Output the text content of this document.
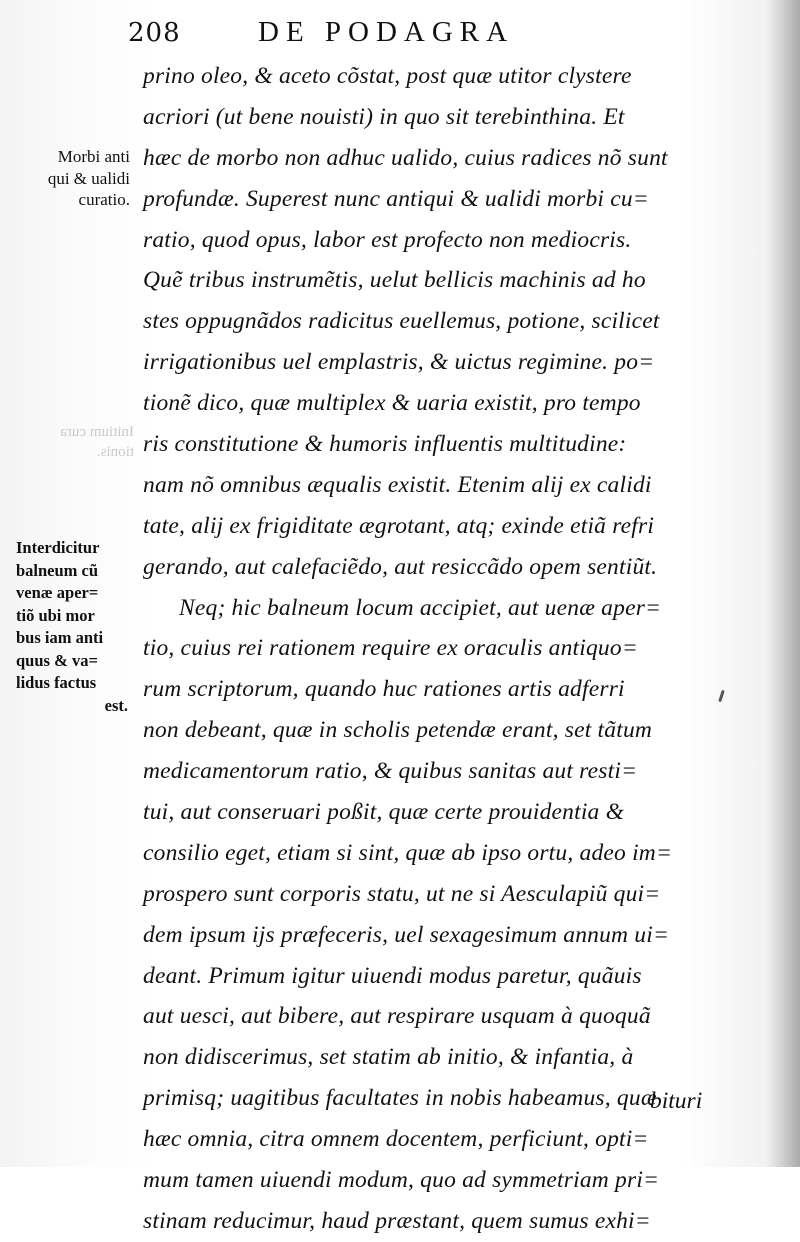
208	DE PODAGRA
Morbi anti
qui & ualidi
curatio.
Initium cura
tionis.
Interdicitur
balneum cũ
venæ aper=
tiõ ubi mor
bus iam anti
quus & va=
lidus factus
est.
prino oleo, & aceto cõstat, post quæ utitor clystere
acriori (ut bene nouisti) in quo sit terebinthina. Et
hæc de morbo non adhuc ualido, cuius radices nõ sunt
profundæ. Superest nunc antiqui & ualidi morbi cu=
ratio, quod opus, labor est profecto non mediocris.
Quẽ tribus instrumẽtis, uelut bellicis machinis ad ho
stes oppugnãdos radicitus euellemus, potione, scilicet
irrigationibus uel emplastris, & uictus regimine. po=
tionẽ dico, quæ multiplex & uaria existit, pro tempo
ris constitutione & humoris influentis multitudine:
nam nõ omnibus æqualis existit. Etenim alij ex calidi
tate, alij ex frigiditate ægrotant, atq; exinde etiã refri
gerando, aut calefaciẽdo, aut resiccãdo opem sentiũt.
Neq; hic balneum locum accipiet, aut uenæ aper=
tio, cuius rei rationem require ex oraculis antiquo=
rum scriptorum, quando huc rationes artis adferri
non debeant, quæ in scholis petendæ erant, set tãtum
medicamentorum ratio, & quibus sanitas aut resti=
tui, aut conseruari poßit, quæ certe prouidentia &
consilio eget, etiam si sint, quæ ab ipso ortu, adeo im=
prospero sunt corporis statu, ut ne si Aesculapiũ qui=
dem ipsum ijs præfeceris, uel sexagesimum annum ui=
deant. Primum igitur uiuendi modus paretur, quãuis
aut uesci, aut bibere, aut respirare usquam à quoquã
non didiscerimus, set statim ab initio, & infantia, à
primisq; uagitibus facultates in nobis habeamus, quæ
hæc omnia, citra omnem docentem, perficiunt, opti=
mum tamen uiuendi modum, quo ad symmetriam pri=
stinam reducimur, haud præstant, quem sumus exhi=
bituri
